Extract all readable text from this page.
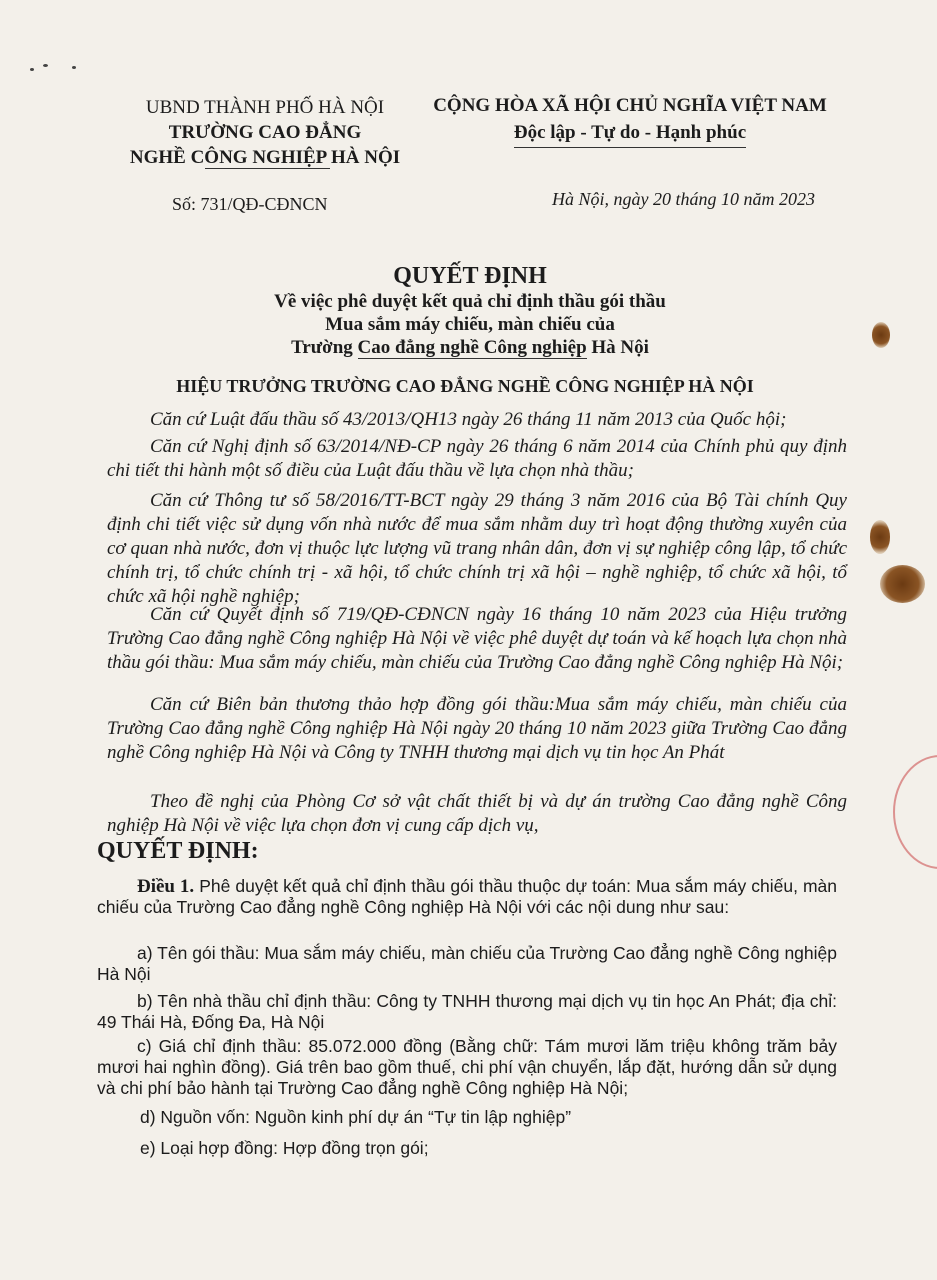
UBND THÀNH PHỐ HÀ NỘI
TRƯỜNG CAO ĐẲNG
NGHỀ CÔNG NGHIỆP HÀ NỘI
CỘNG HÒA XÃ HỘI CHỦ NGHĨA VIỆT NAM
Độc lập - Tự do - Hạnh phúc
Số: 731/QĐ-CĐNCN	Hà Nội, ngày 20 tháng 10 năm 2023
QUYẾT ĐỊNH
Về việc phê duyệt kết quả chỉ định thầu gói thầu
Mua sắm máy chiếu, màn chiếu của
Trường Cao đẳng nghề Công nghiệp Hà Nội
HIỆU TRƯỞNG TRƯỜNG CAO ĐẲNG NGHỀ CÔNG NGHIỆP HÀ NỘI
Căn cứ Luật đấu thầu số 43/2013/QH13 ngày 26 tháng 11 năm 2013 của Quốc hội;
Căn cứ Nghị định số 63/2014/NĐ-CP ngày 26 tháng 6 năm 2014 của Chính phủ quy định chi tiết thi hành một số điều của Luật đấu thầu về lựa chọn nhà thầu;
Căn cứ Thông tư số 58/2016/TT-BCT ngày 29 tháng 3 năm 2016 của Bộ Tài chính Quy định chi tiết việc sử dụng vốn nhà nước để mua sắm nhằm duy trì hoạt động thường xuyên của cơ quan nhà nước, đơn vị thuộc lực lượng vũ trang nhân dân, đơn vị sự nghiệp công lập, tổ chức chính trị, tổ chức chính trị - xã hội, tổ chức chính trị xã hội – nghề nghiệp, tổ chức xã hội, tổ chức xã hội nghề nghiệp;
Căn cứ Quyết định số 719/QĐ-CĐNCN ngày 16 tháng 10 năm 2023 của Hiệu trưởng Trường Cao đẳng nghề Công nghiệp Hà Nội về việc phê duyệt dự toán và kế hoạch lựa chọn nhà thầu gói thầu: Mua sắm máy chiếu, màn chiếu của Trường Cao đẳng nghề Công nghiệp Hà Nội;
Căn cứ Biên bản thương thảo hợp đồng gói thầu:Mua sắm máy chiếu, màn chiếu của Trường Cao đẳng nghề Công nghiệp Hà Nội ngày 20 tháng 10 năm 2023 giữa Trường Cao đẳng nghề Công nghiệp Hà Nội và Công ty TNHH thương mại dịch vụ tin học An Phát
Theo đề nghị của Phòng Cơ sở vật chất thiết bị và dự án trường Cao đẳng nghề Công nghiệp Hà Nội về việc lựa chọn đơn vị cung cấp dịch vụ,
QUYẾT ĐỊNH:
Điều 1. Phê duyệt kết quả chỉ định thầu gói thầu thuộc dự toán: Mua sắm máy chiếu, màn chiếu của Trường Cao đẳng nghề Công nghiệp Hà Nội với các nội dung như sau:
a) Tên gói thầu: Mua sắm máy chiếu, màn chiếu của Trường Cao đẳng nghề Công nghiệp Hà Nội
b) Tên nhà thầu chỉ định thầu: Công ty TNHH thương mại dịch vụ tin học An Phát; địa chỉ: 49 Thái Hà, Đống Đa, Hà Nội
c) Giá chỉ định thầu: 85.072.000 đồng (Bằng chữ: Tám mươi lăm triệu không trăm bảy mươi hai nghìn đồng). Giá trên bao gồm thuế, chi phí vận chuyển, lắp đặt, hướng dẫn sử dụng và chi phí bảo hành tại Trường Cao đẳng nghề Công nghiệp Hà Nội;
d) Nguồn vốn: Nguồn kinh phí dự án “Tự tin lập nghiệp”
e) Loại hợp đồng: Hợp đồng trọn gói;
